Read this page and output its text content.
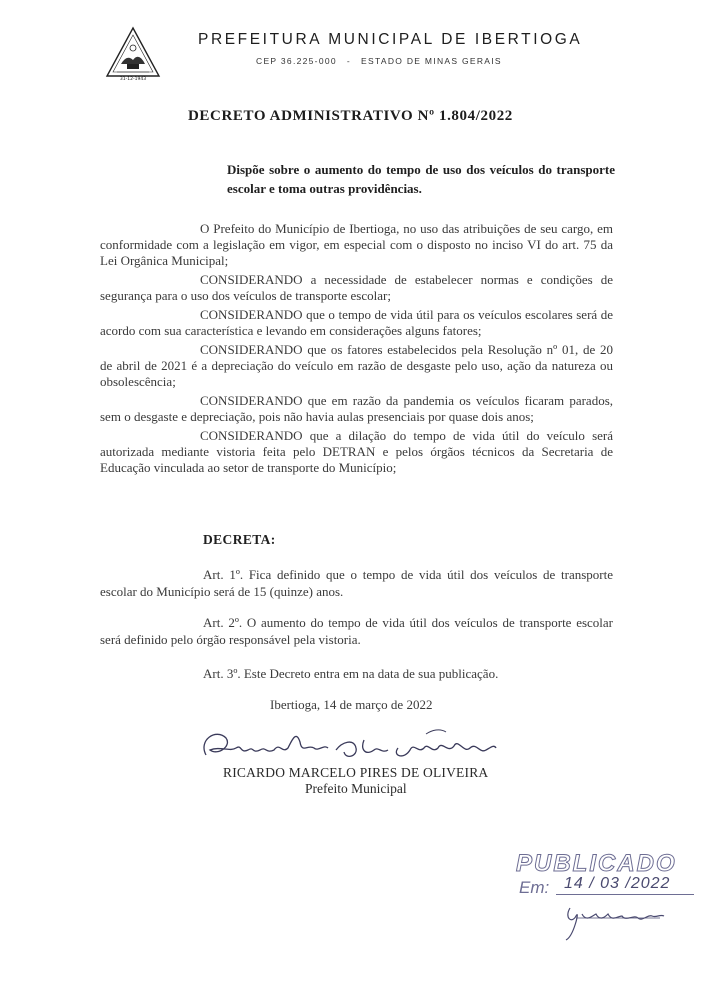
31-12-1943
PREFEITURA MUNICIPAL DE IBERTIOGA
CEP 36.225-000 - ESTADO DE MINAS GERAIS
DECRETO ADMINISTRATIVO Nº 1.804/2022
Dispõe sobre o aumento do tempo de uso dos veículos do transporte escolar e toma outras providências.

O Prefeito do Município de Ibertioga, no uso das atribuições de seu cargo, em conformidade com a legislação em vigor, em especial com o disposto no inciso VI do art. 75 da Lei Orgânica Municipal;

CONSIDERANDO a necessidade de estabelecer normas e condições de segurança para o uso dos veículos de transporte escolar;

CONSIDERANDO que o tempo de vida útil para os veículos escolares será de acordo com sua característica e levando em considerações alguns fatores;

CONSIDERANDO que os fatores estabelecidos pela Resolução nº 01, de 20 de abril de 2021 é a depreciação do veículo em razão de desgaste pelo uso, ação da natureza ou obsolescência;

CONSIDERANDO que em razão da pandemia os veículos ficaram parados, sem o desgaste e depreciação, pois não havia aulas presenciais por quase dois anos;

CONSIDERANDO que a dilação do tempo de vida útil do veículo será autorizada mediante vistoria feita pelo DETRAN e pelos órgãos técnicos da Secretaria de Educação vinculada ao setor de transporte do Município;

DECRETA:
Art. 1º. Fica definido que o tempo de vida útil dos veículos de transporte escolar do Município será de 15 (quinze) anos.
Art. 2º. O aumento do tempo de vida útil dos veículos de transporte escolar será definido pelo órgão responsável pela vistoria.
Art. 3º. Este Decreto entra em na data de sua publicação.
Ibertioga, 14 de março de 2022
RICARDO MARCELO PIRES DE OLIVEIRA
Prefeito Municipal
PUBLICADO
Em: 14 / 03 /2022
